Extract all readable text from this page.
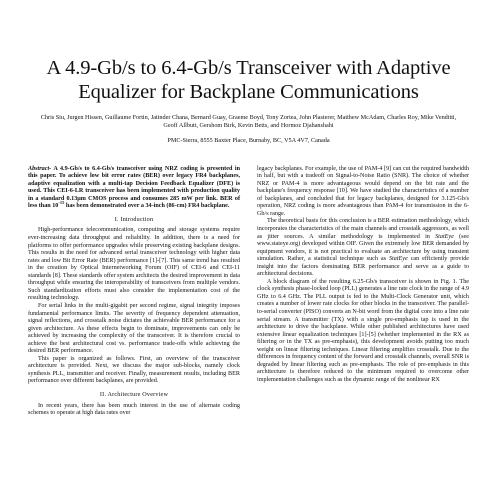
A 4.9-Gb/s to 6.4-Gb/s Transceiver with Adaptive
Equalizer for Backplane Communications
Chris Siu, Jurgen Hissen, Guillaume Fortin, Jatinder Chana, Bernard Guay, Graeme Boyd, Tony Zortea, John Plasterer, Matthew McAdam, Charles Roy, Mike Venditti, Geoff Allbutt, Gershom Birk, Kevin Betts, and Hormoz Djahanshahi
PMC-Sierra, 8555 Baxter Place, Burnaby, BC, V5A 4V7, Canada

Abstract- A 4.9-Gb/s to 6.4-Gb/s transceiver using NRZ coding is presented in this paper. To achieve low bit error rates (BER) over legacy FR4 backplanes, adaptive equalization with a multi-tap Decision Feedback Equalizer (DFE) is used. This CEI-6-LR transceiver has been implemented with production quality in a standard 0.13μm CMOS process and consumes 285 mW per link. BER of less than $10^{-15}$ has been demonstrated over a 34-inch (86-cm) FR4 backplane.

I. Introduction

High-performance telecommunication, computing and storage systems require ever-increasing data throughput and reliability. In addition, there is a need for platforms to offer performance upgrades while preserving existing backplane designs. This results in the need for advanced serial transceiver technology with higher data rates and low Bit Error Rate (BER) performance [1]-[7]. This same trend has resulted in the creation by Optical Internetworking Forum (OIF) of CEI-6 and CEI-11 standards [8]. These standards offer system architects the desired improvement in data throughput while ensuring the interoperability of transceivers from multiple vendors. Such standardization efforts must also consider the implementation cost of the resulting technology.

For serial links in the multi-gigabit per second regime, signal integrity imposes fundamental performance limits. The severity of frequency dependent attenuation, signal reflections, and crosstalk noise dictates the achievable BER performance for a given architecture. As these effects begin to dominate, improvements can only be achieved by increasing the complexity of the transceiver. It is therefore crucial to achieve the best architectural cost vs. performance trade-offs while achieving the desired BER performance.

This paper is organized as follows. First, an overview of the transceiver architecture is provided. Next, we discuss the major sub-blocks, namely clock synthesis PLL, transmitter and receiver. Finally, measurement results, including BER performance over different backplanes, are provided.

II. Architecture Overview

In recent years, there has been much interest in the use of alternate coding schemes to operate at high data rates over

legacy backplanes. For example, the use of PAM-4 [9] can cut the required bandwidth in half, but with a tradeoff on Signal-to-Noise Ratio (SNR). The choice of whether NRZ or PAM-4 is more advantageous would depend on the bit rate and the backplane's frequency response [10]. We have studied the characteristics of a number of backplanes, and concluded that for legacy backplanes, designed for 3.125-Gb/s operation, NRZ coding is more advantageous than PAM-4 for transmission in the 6-Gb/s range.

The theoretical basis for this conclusion is a BER estimation methodology, which incorporates the characteristics of the main channels and crosstalk aggressors, as well as jitter sources. A similar methodology is implemented in StatEye (see www.stateye.org) developed within OIF. Given the extremely low BER demanded by equipment vendors, it is not practical to evaluate an architecture by using transient simulation. Rather, a statistical technique such as StatEye can efficiently provide insight into the factors dominating BER performance and serve as a guide to architectural decisions.

A block diagram of the resulting 6.25-Gb/s transceiver is shown in Fig. 1. The clock synthesis phase-locked loop (PLL) generates a line rate clock in the range of 4.9 GHz to 6.4 GHz. The PLL output is fed to the Multi-Clock Generator unit, which creates a number of lower rate clocks for other blocks in the transceiver. The parallel-to-serial converter (PISO) converts an N-bit word from the digital core into a line rate serial stream. A transmitter (TX) with a single pre-emphasis tap is used in the architecture to drive the backplane. While other published architectures have used extensive linear equalization techniques [1]-[5] (whether implemented in the RX as filtering or in the TX as pre-emphasis), this development avoids putting too much weight on linear filtering techniques. Linear filtering amplifies crosstalk. Due to the differences in frequency content of the forward and crosstalk channels, overall SNR is degraded by linear filtering such as pre-emphasis. The role of pre-emphasis in this architecture is therefore reduced to the minimum required to overcome other implementation challenges such as the dynamic range of the nonlinear RX
